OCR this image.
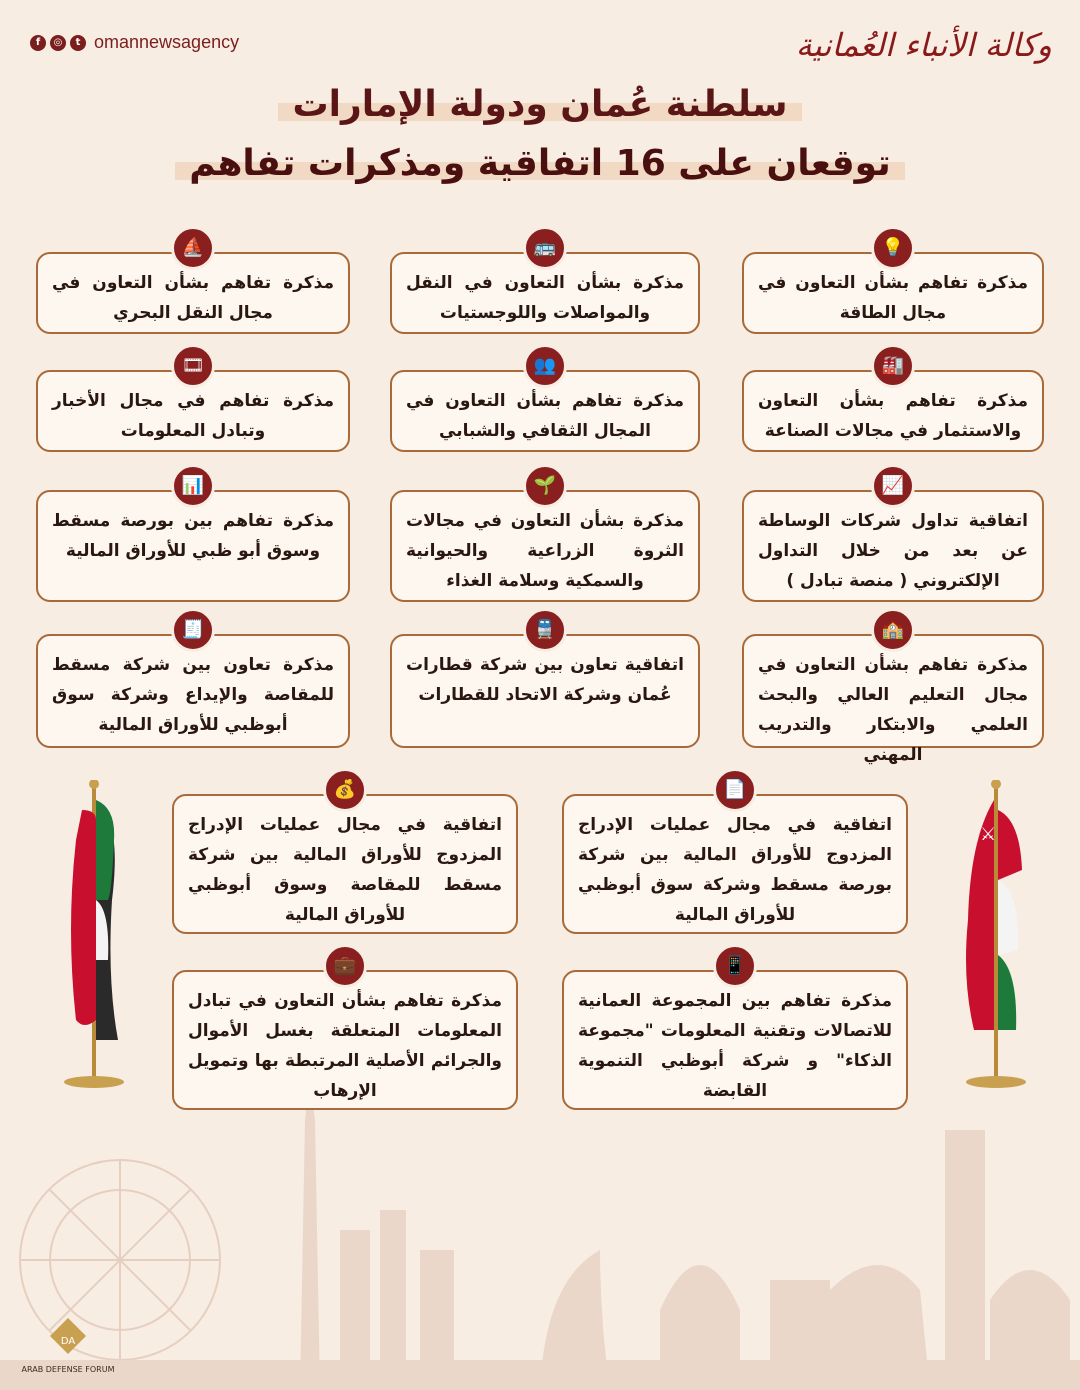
f	◎	t omannewsagency	وكالة الأنباء العُمانية
سلطنة عُمان ودولة الإمارات
توقعان على 16 اتفاقية ومذكرات تفاهم
⚔
DA
ARAB DEFENSE FORUM
مذكرة تفاهم بشأن التعاون في مجال الطاقة
💡
مذكرة بشأن التعاون في النقل والمواصلات واللوجستيات
🚌
مذكرة تفاهم بشأن التعاون في مجال النقل البحري
⛵
مذكرة تفاهم بشأن التعاون والاستثمار في مجالات الصناعة
🏭
مذكرة تفاهم بشأن التعاون في المجال الثقافي والشبابي
👥
مذكرة تفاهم في مجال الأخبار وتبادل المعلومات
🎞
اتفاقية تداول شركات الوساطة عن بعد من خلال التداول الإلكتروني ( منصة تبادل )
📈
مذكرة بشأن التعاون في مجالات الثروة الزراعية والحيوانية والسمكية وسلامة الغذاء
🌱
مذكرة تفاهم بين بورصة مسقط وسوق أبو ظبي للأوراق المالية
📊
مذكرة تفاهم بشأن التعاون في مجال التعليم العالي والبحث العلمي والابتكار والتدريب المهني
🏫
اتفاقية تعاون بين شركة قطارات عُمان وشركة الاتحاد للقطارات
🚆
مذكرة تعاون بين شركة مسقط للمقاصة والإيداع وشركة سوق أبوظبي للأوراق المالية
🧾
اتفاقية في مجال عمليات الإدراج المزدوج للأوراق المالية بين شركة بورصة مسقط وشركة سوق أبوظبي للأوراق المالية
📄
اتفاقية في مجال عمليات الإدراج المزدوج للأوراق المالية بين شركة مسقط للمقاصة وسوق أبوظبي للأوراق المالية
💰
مذكرة تفاهم بين المجموعة العمانية للاتصالات وتقنية المعلومات "مجموعة الذكاء" و شركة أبوظبي التنموية القابضة
📱
مذكرة تفاهم بشأن التعاون في تبادل المعلومات المتعلقة بغسل الأموال والجرائم الأصلية المرتبطة بها وتمويل الإرهاب
💼
